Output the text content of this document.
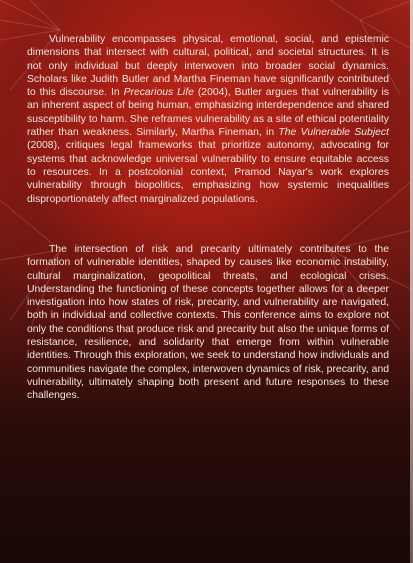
Vulnerability encompasses physical, emotional, social, and epistemic dimensions that intersect with cultural, political, and societal structures. It is not only individual but deeply interwoven into broader social dynamics. Scholars like Judith Butler and Martha Fineman have significantly contributed to this discourse. In Precarious Life (2004), Butler argues that vulnerability is an inherent aspect of being human, emphasizing interdependence and shared susceptibility to harm. She reframes vulnerability as a site of ethical potentiality rather than weakness. Similarly, Martha Fineman, in The Vulnerable Subject (2008), critiques legal frameworks that prioritize autonomy, advocating for systems that acknowledge universal vulnerability to ensure equitable access to resources. In a postcolonial context, Pramod Nayar's work explores vulnerability through biopolitics, emphasizing how systemic inequalities disproportionately affect marginalized populations.

The intersection of risk and precarity ultimately contributes to the formation of vulnerable identities, shaped by causes like economic instability, cultural marginalization, geopolitical threats, and ecological crises. Understanding the functioning of these concepts together allows for a deeper investigation into how states of risk, precarity, and vulnerability are navigated, both in individual and collective contexts. This conference aims to explore not only the conditions that produce risk and precarity but also the unique forms of resistance, resilience, and solidarity that emerge from within vulnerable identities. Through this exploration, we seek to understand how individuals and communities navigate the complex, interwoven dynamics of risk, precarity, and vulnerability, ultimately shaping both present and future responses to these challenges.
